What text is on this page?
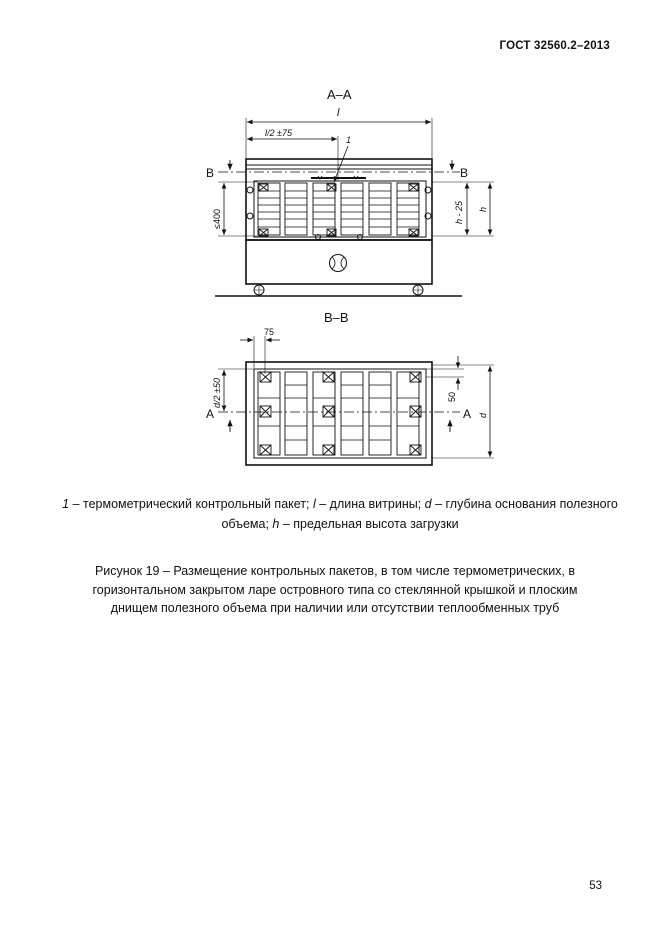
ГОСТ 32560.2–2013
A–A
l
l/2 ±75
1
B	B
≤400	h - 25 h
B–B
75
d/2 ±50
A	A
50
d
1 – термометрический контрольный пакет; l – длина витрины; d – глубина основания полезного объема; h – предельная высота загрузки
Рисунок 19 – Размещение контрольных пакетов, в том числе термометрических, в горизонтальном закрытом ларе островного типа со стеклянной крышкой и плоским днищем полезного объема при наличии или отсутствии теплообменных труб
53
